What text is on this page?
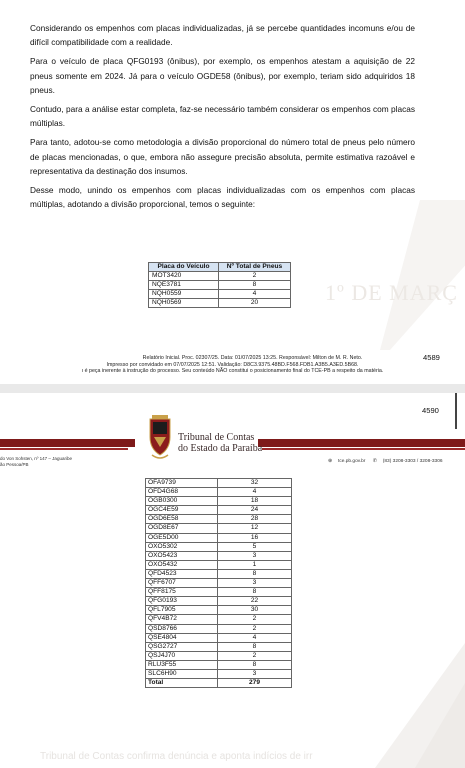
1º DE MARÇ

Considerando os empenhos com placas individualizadas, já se percebe quantidades incomuns e/ou de difícil compatibilidade com a realidade.

Para o veículo de placa QFG0193 (ônibus), por exemplo, os empenhos atestam a aquisição de 22 pneus somente em 2024. Já para o veículo OGDE58 (ônibus), por exemplo, teriam sido adquiridos 18 pneus.

Contudo, para a análise estar completa, faz-se necessário também considerar os empenhos com placas múltiplas.

Para tanto, adotou-se como metodologia a divisão proporcional do número total de pneus pelo número de placas mencionadas, o que, embora não assegure precisão absoluta, permite estimativa razoável e representativa da destinação dos insumos.

Desse modo, unindo os empenhos com placas individualizadas com os empenhos com placas múltiplas, adotando a divisão proporcional, temos o seguinte:

Placa do Veículo	Nº Total de Pneus
MOT3420	2
NQE3781	8
NQH0559	4
NQH0569	20
Relatório Inicial. Proc. 02307/25. Data: 01/07/2025 13:25. Responsável: Milton de M. R. Neto.
Impresso por convidado em 07/07/2025 12:51. Validação: D8C3.9375.48BD.F568.FDB1.A3B5.A3ED.5B68.
ı é peça inerente à instrução do processo. Seu conteúdo NÃO constitui o posicionamento final do TCE-PB a respeito da matéria.
4589
4590
Tribunal de Contas
do Estado da Paraíba
do Von Sohsten, nº 147 – Jaguaribe
ão Pessoa/PB
⊕ tce.pb.gov.br ✆ (83) 3208-3303 / 3208-3306
OFA9739	32
OFD4G68	4
OGB0300	18
OGC4E59	24
OGD6E58	28
OGD8E67	12
OGE5D00	16
OXO5302	5
OXO5423	3
OXO5432	1
QFD4523	8
QFF6707	3
QFF8175	8
QFG0193	22
QFL7905	30
QFV4B72	2
QSD8766	2
QSE4804	4
QSG2727	8
QSJ4J70	2
RLU3F55	8
SLC6H90	3
Total	279
Tribunal de Contas confirma denúncia e aponta indícios de irr
